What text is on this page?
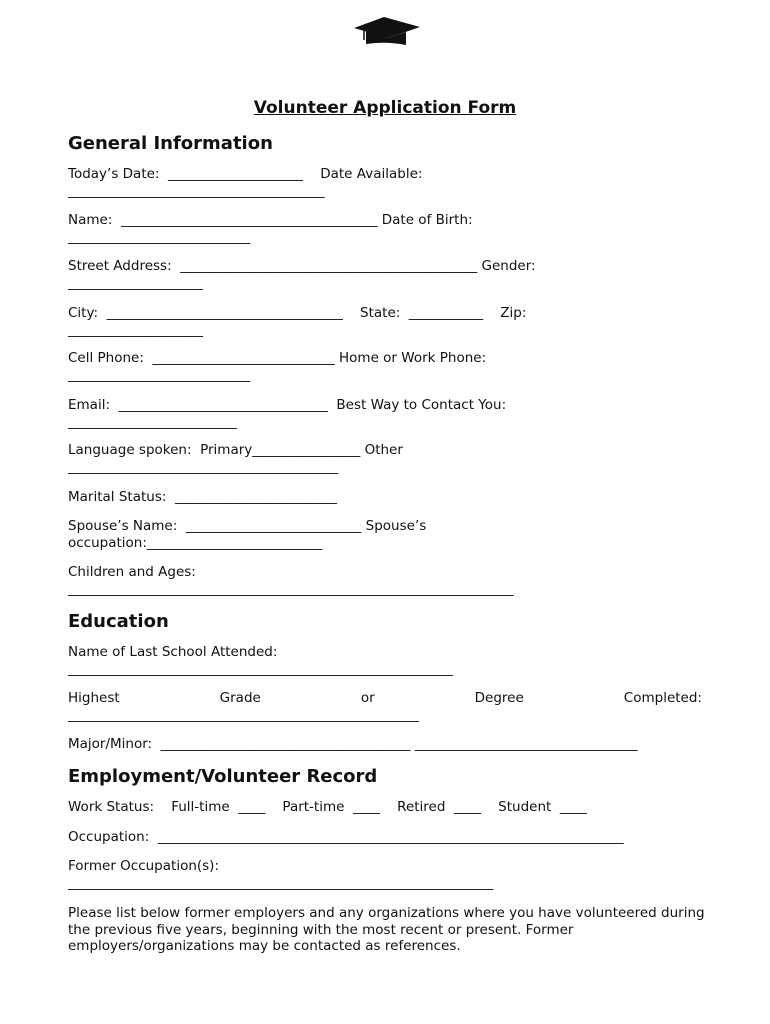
Volunteer Application Form
General Information
Today’s Date:  ____________________    Date Available:
______________________________________
Name:  ______________________________________ Date of Birth:
___________________________
Street Address:  ____________________________________________ Gender:
____________________
City:  ___________________________________    State:  ___________    Zip:
____________________
Cell Phone:  ___________________________ Home or Work Phone:
___________________________
Email:  _______________________________  Best Way to Contact You:
_________________________
Language spoken:  Primary________________ Other
________________________________________
Marital Status:  ________________________
Spouse’s Name:  __________________________ Spouse’s
occupation:__________________________
Children and Ages:
__________________________________________________________________
Education
Name of Last School Attended:
_________________________________________________________
Highest	Grade	or	Degree	Completed:
____________________________________________________
Major/Minor:  _____________________________________ _________________________________
Employment/Volunteer Record
Work Status:    Full-time  ____    Part-time  ____    Retired  ____    Student  ____
Occupation:  _____________________________________________________________________
Former Occupation(s):
_______________________________________________________________
Please list below former employers and any organizations where you have volunteered during the previous five years, beginning with the most recent or present. Former employers/organizations may be contacted as references.
